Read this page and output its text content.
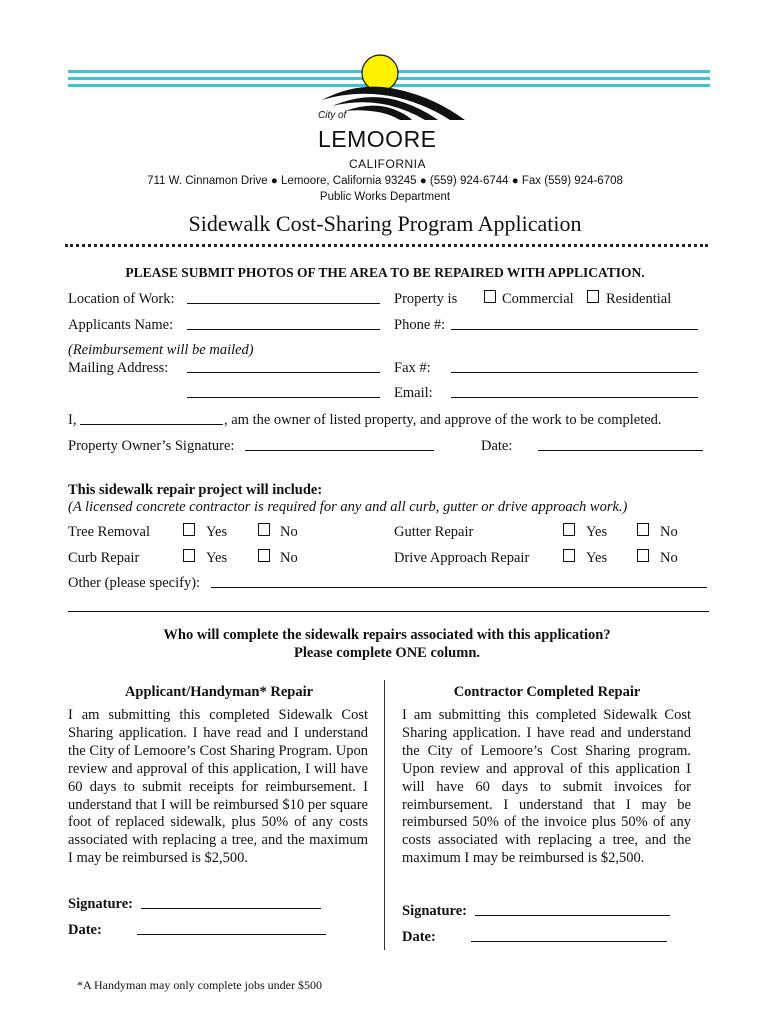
City of
LEMOORE
CALIFORNIA
711 W. Cinnamon Drive ● Lemoore, California 93245 ● (559) 924-6744 ● Fax (559) 924-6708
Public Works Department
Sidewalk Cost-Sharing Program Application
PLEASE SUBMIT PHOTOS OF THE AREA TO BE REPAIRED WITH APPLICATION.
Location of Work:	Property is	Commercial Residential
Applicants Name:	Phone #:
(Reimbursement will be mailed)
Mailing Address:	Fax #:
Email:
I,	, am the owner of listed property, and approve of the work to be completed.
Property Owner’s Signature:	Date:
This sidewalk repair project will include:
(A licensed concrete contractor is required for any and all curb, gutter or drive approach work.)
Tree Removal	Yes	No	Gutter Repair	Yes	No
Curb Repair	Yes	No	Drive Approach Repair	Yes	No
Other (please specify):
Who will complete the sidewalk repairs associated with this application?
Please complete ONE column.
Applicant/Handyman* Repair
I am submitting this completed Sidewalk Cost Sharing application. I have read and I understand the City of Lemoore’s Cost Sharing Program. Upon review and approval of this application, I will have 60 days to submit receipts for reimbursement. I understand that I will be reimbursed $10 per square foot of replaced sidewalk, plus 50% of any costs associated with replacing a tree, and the maximum I may be reimbursed is $2,500.
Signature:
Date:
Contractor Completed Repair
I am submitting this completed Sidewalk Cost Sharing application. I have read and understand the City of Lemoore’s Cost Sharing program. Upon review and approval of this application I will have 60 days to submit invoices for reimbursement. I understand that I may be reimbursed 50% of the invoice plus 50% of any costs associated with replacing a tree, and the maximum I may be reimbursed is $2,500.
Signature:
Date:
*A Handyman may only complete jobs under $500
